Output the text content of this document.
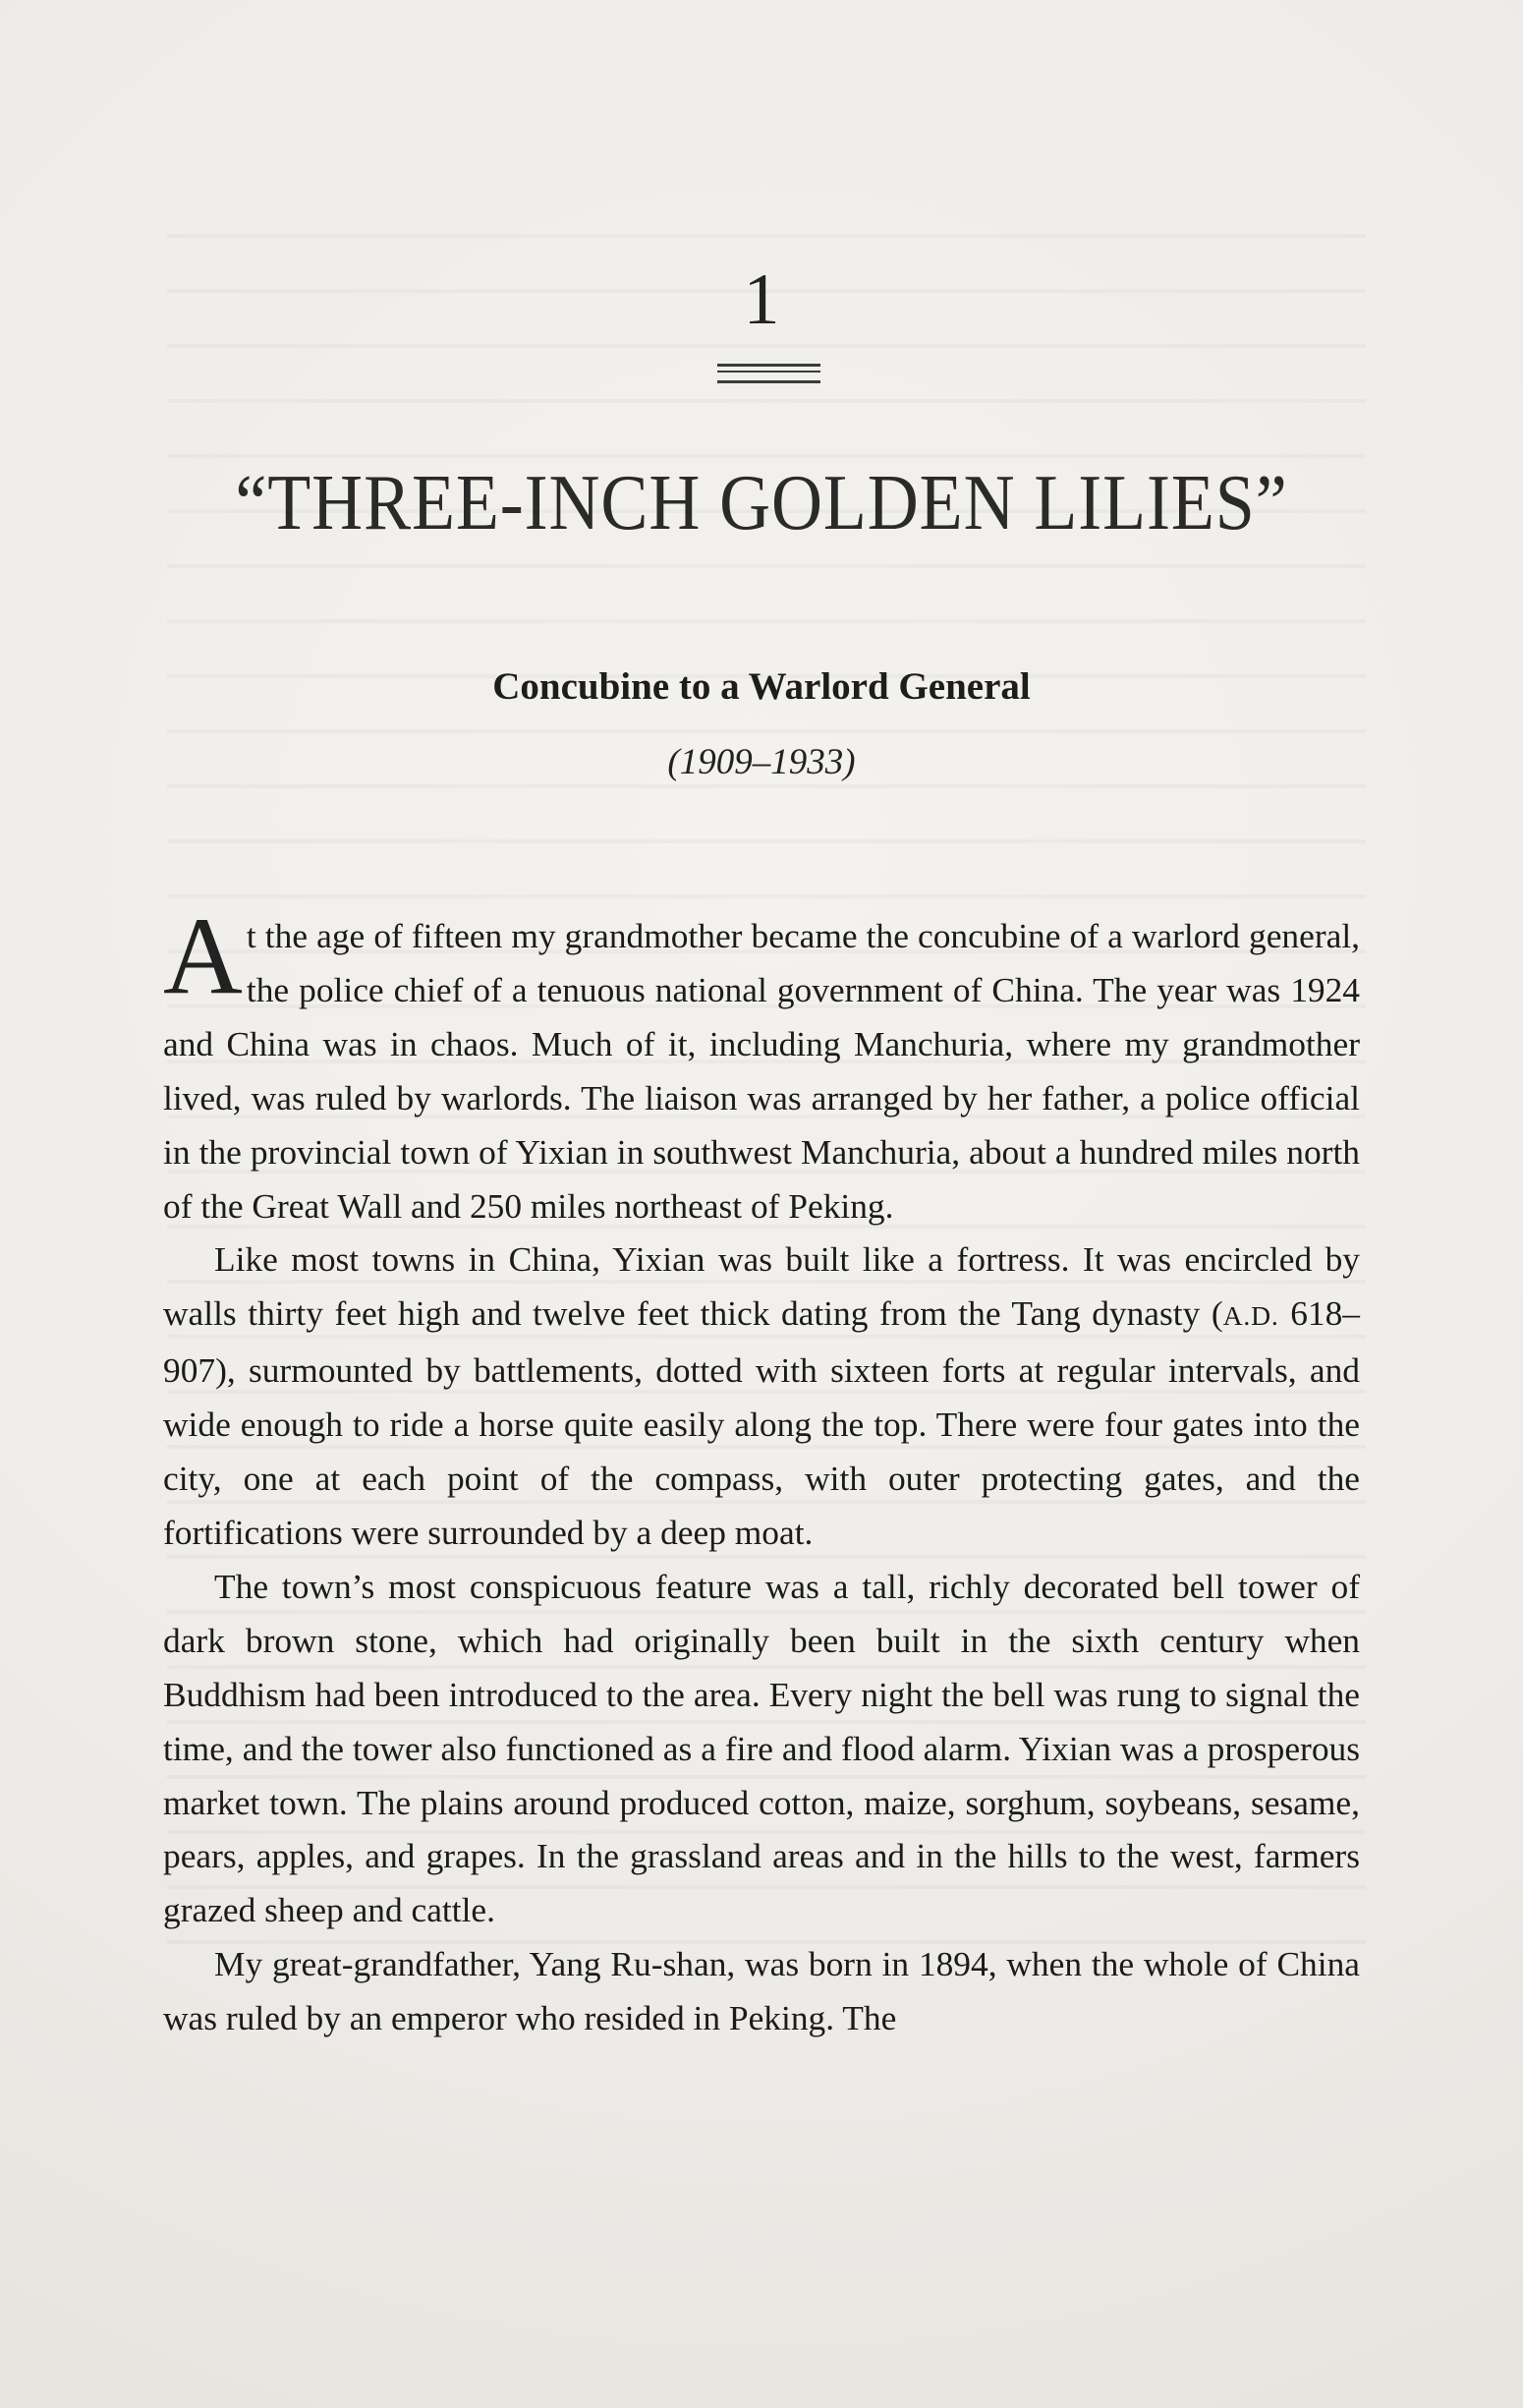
1
“THREE-INCH GOLDEN LILIES”
Concubine to a Warlord General
(1909–1933)

At the age of fifteen my grandmother became the concubine of a warlord general, the police chief of a tenuous national government of China. The year was 1924 and China was in chaos. Much of it, including Manchuria, where my grandmother lived, was ruled by warlords. The liaison was arranged by her father, a police official in the provincial town of Yixian in southwest Manchuria, about a hundred miles north of the Great Wall and 250 miles northeast of Peking.

Like most towns in China, Yixian was built like a fortress. It was encircled by walls thirty feet high and twelve feet thick dating from the Tang dynasty (A.D. 618–907), surmounted by battlements, dotted with sixteen forts at regular intervals, and wide enough to ride a horse quite easily along the top. There were four gates into the city, one at each point of the compass, with outer protecting gates, and the fortifications were surrounded by a deep moat.

The town’s most conspicuous feature was a tall, richly decorated bell tower of dark brown stone, which had originally been built in the sixth century when Buddhism had been introduced to the area. Every night the bell was rung to signal the time, and the tower also functioned as a fire and flood alarm. Yixian was a prosperous market town. The plains around produced cotton, maize, sorghum, soybeans, sesame, pears, apples, and grapes. In the grassland areas and in the hills to the west, farmers grazed sheep and cattle.

My great-grandfather, Yang Ru-shan, was born in 1894, when the whole of China was ruled by an emperor who resided in Peking. The
